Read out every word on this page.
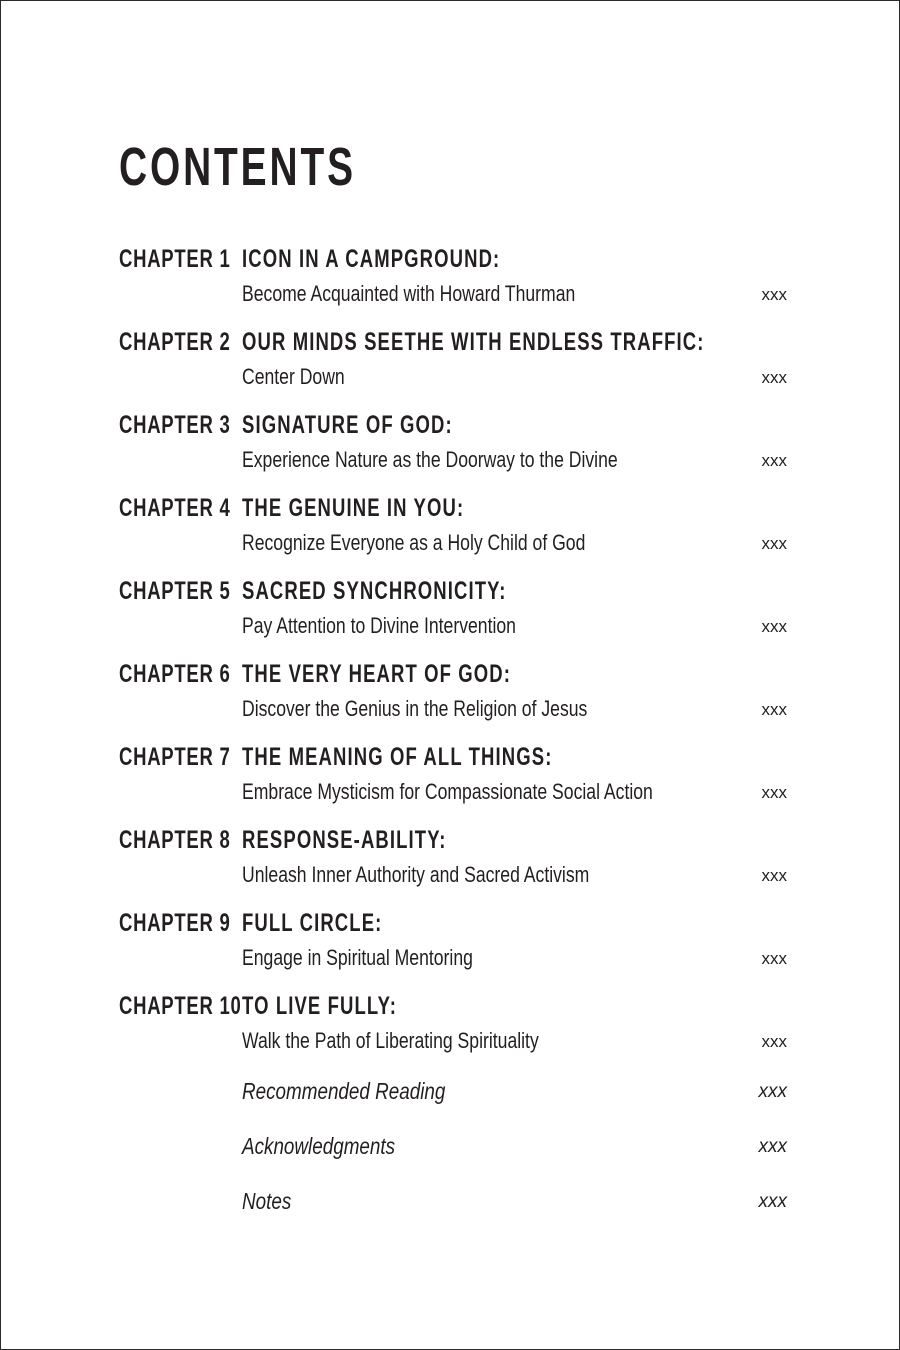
CONTENTS
CHAPTER 1 ICON IN A CAMPGROUND:
Become Acquainted with Howard Thurman	xxx
CHAPTER 2 OUR MINDS SEETHE WITH ENDLESS TRAFFIC:
Center Down	xxx
CHAPTER 3 SIGNATURE OF GOD:
Experience Nature as the Doorway to the Divine	xxx
CHAPTER 4 THE GENUINE IN YOU:
Recognize Everyone as a Holy Child of God	xxx
CHAPTER 5 SACRED SYNCHRONICITY:
Pay Attention to Divine Intervention	xxx
CHAPTER 6 THE VERY HEART OF GOD:
Discover the Genius in the Religion of Jesus	xxx
CHAPTER 7 THE MEANING OF ALL THINGS:
Embrace Mysticism for Compassionate Social Action	xxx
CHAPTER 8 RESPONSE-ABILITY:
Unleash Inner Authority and Sacred Activism	xxx
CHAPTER 9 FULL CIRCLE:
Engage in Spiritual Mentoring	xxx
CHAPTER 10 TO LIVE FULLY:
Walk the Path of Liberating Spirituality	xxx
Recommended Reading	xxx
Acknowledgments	xxx
Notes	xxx
